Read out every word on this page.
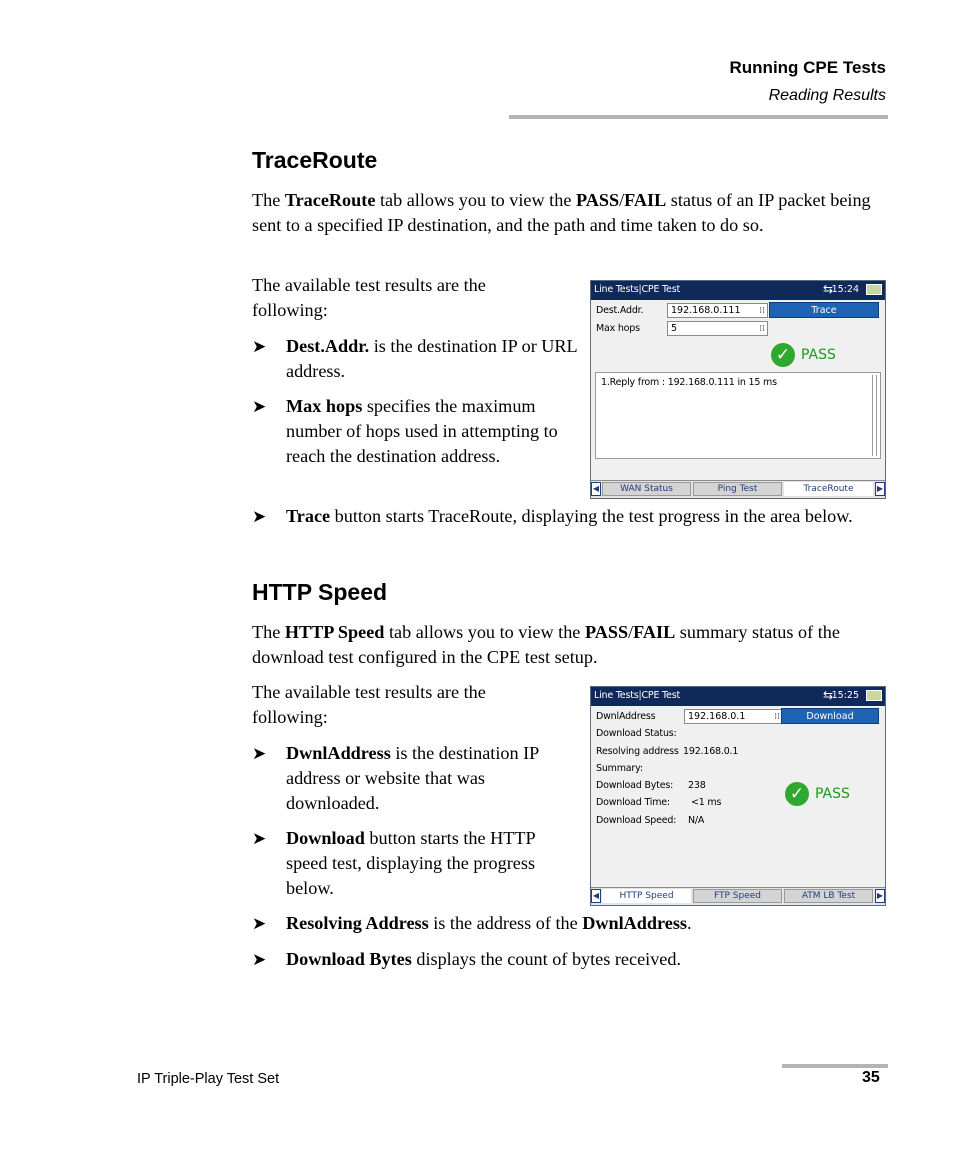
Running CPE Tests
Reading Results
TraceRoute
The TraceRoute tab allows you to view the PASS/FAIL status of an IP packet being sent to a specified IP destination, and the path and time taken to do so.
The available test results are the following:
➤ Dest.Addr. is the destination IP or URL address.
➤ Max hops specifies the maximum number of hops used in attempting to reach the destination address.
➤ Trace button starts TraceRoute, displaying the test progress in the area below.
Line Tests|CPE Test	⇆
15:24
Dest.Addr.	192.168.0.111 ⁞⁞
Max hops	5	⁞⁞
Trace
✓ PASS
1.Reply from : 192.168.0.111 in 15 ms
◀	WAN Status	Ping Test	TraceRoute	▶
HTTP Speed
The HTTP Speed tab allows you to view the PASS/FAIL summary status of the download test configured in the CPE test setup.
The available test results are the following:
➤ DwnlAddress is the destination IP address or website that was downloaded.
➤ Download button starts the HTTP speed test, displaying the progress below.
➤ Resolving Address is the address of the DwnlAddress.
➤ Download Bytes displays the count of bytes received.
Line Tests|CPE Test	⇆
15:25
DwnlAddress	192.168.0.1	⁞⁞	Download
Download Status:
Resolving address 192.168.0.1
Summary:
Download Bytes: 238
Download Time: <1 ms
Download Speed: N/A
✓ PASS
◀	HTTP Speed	FTP Speed	ATM LB Test	▶
IP Triple-Play Test Set	35
